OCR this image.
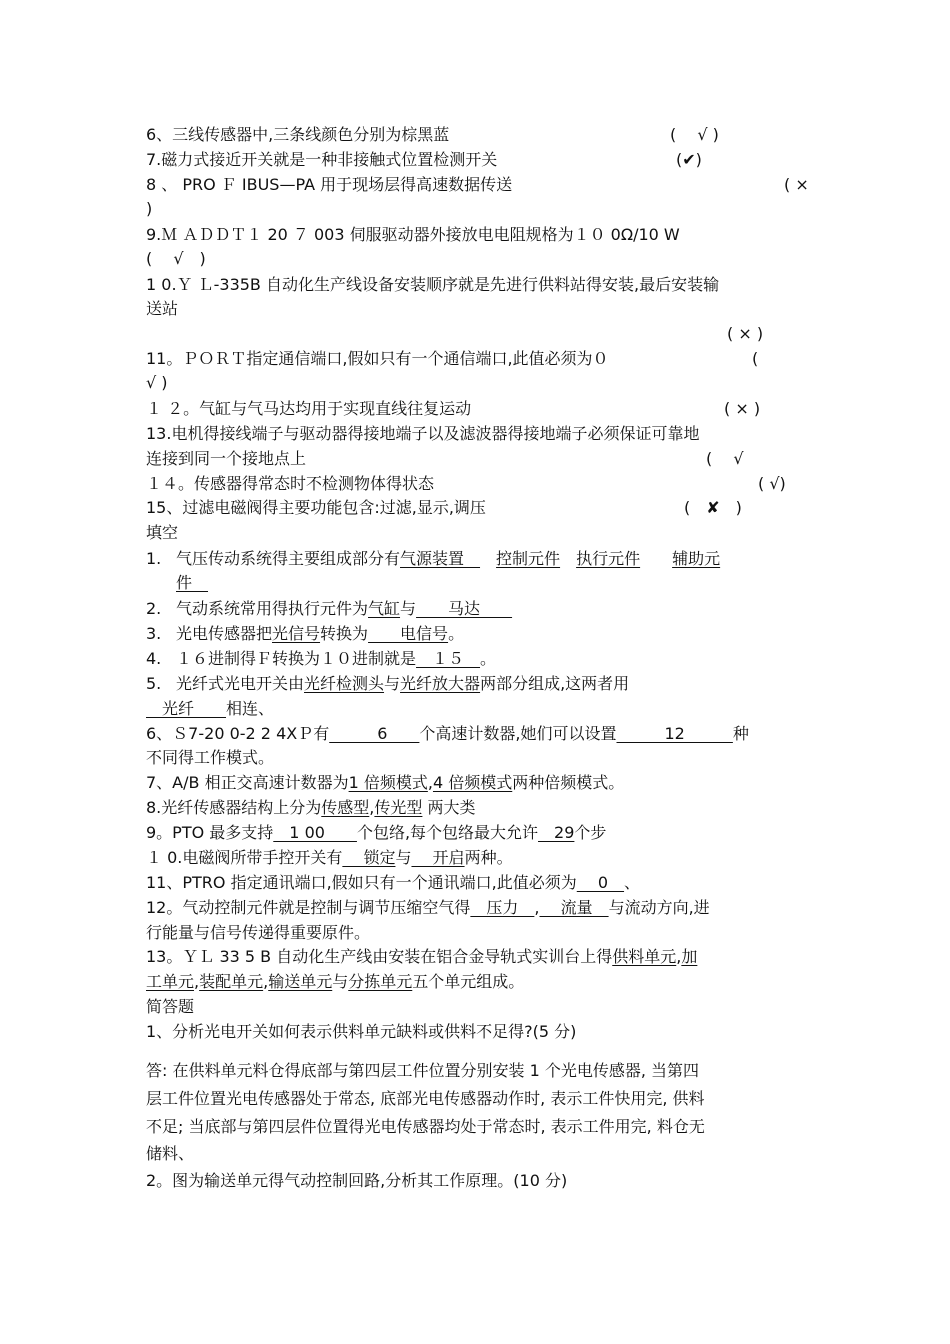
6、三线传感器中,三条线颜色分别为棕黑蓝	(　 √ )
7.磁力式接近开关就是一种非接触式位置检测开关	(✔)
8 、 PRO Ｆ IBUS—PA 用于现场层得高速数据传送	( ×
)
9.Ｍ ＡＤＤＴ１ 20 ７ 003 伺服驱动器外接放电电阻规格为１０ 0Ω/10 W
(　 √　)
1 0.Ｙ Ｌ-335B 自动化生产线设备安装顺序就是先进行供料站得安装,最后安装输
送站
( × )
11。ＰＯＲＴ指定通信端口,假如只有一个通信端口,此值必须为０	(
√ )
１ ２。气缸与气马达均用于实现直线往复运动	( × )
13.电机得接线端子与驱动器得接地端子以及滤波器得接地端子必须保证可靠地
连接到同一个接地点上	(　 √
１４。传感器得常态时不检测物体得状态	( √)
15、过滤电磁阀得主要功能包含:过滤,显示,调压	(　✘　)
填空
1. 气压传动系统得主要组成部分有气源装置　　控制元件　 执行元件　　 辅助元
件　
2. 气动系统常用得执行元件为气缸与　　马达　　
3. 光电传感器把光信号转换为　　电信号。
4. １６进制得Ｆ转换为１０进制就是　１５　。
5. 光纤式光电开关由光纤检测头与光纤放大器两部分组成,这两者用
　光纤　　相连、
6、Ｓ7-20 0-2 2 4XＰ有　　　6　　个高速计数器,她们可以设置　　　12　　　种
不同得工作模式。
7、A/B 相正交高速计数器为1 倍频模式,4 倍频模式两种倍频模式。
8.光纤传感器结构上分为传感型,传光型 两大类
9。PTO 最多支持　1 00　　个包络,每个包络最大允许　29个步
１ 0.电磁阀所带手控开关有　 锁定与　 开启两种。
11、PTRO 指定通讯端口,假如只有一个通讯端口,此值必须为　 0　、
12。气动控制元件就是控制与调节压缩空气得　压力　,　 流量　与流动方向,进
行能量与信号传递得重要原件。
13。ＹＬ 33 5 B 自动化生产线由安装在铝合金导轨式实训台上得供料单元,加
工单元,装配单元,输送单元与分拣单元五个单元组成。
简答题
1、分析光电开关如何表示供料单元缺料或供料不足得?(5 分)
答: 在供料单元料仓得底部与第四层工件位置分别安装 1 个光电传感器, 当第四
层工件位置光电传感器处于常态, 底部光电传感器动作时, 表示工件快用完, 供料
不足; 当底部与第四层件位置得光电传感器均处于常态时, 表示工件用完, 料仓无
储料、
2。图为输送单元得气动控制回路,分析其工作原理。(10 分)
